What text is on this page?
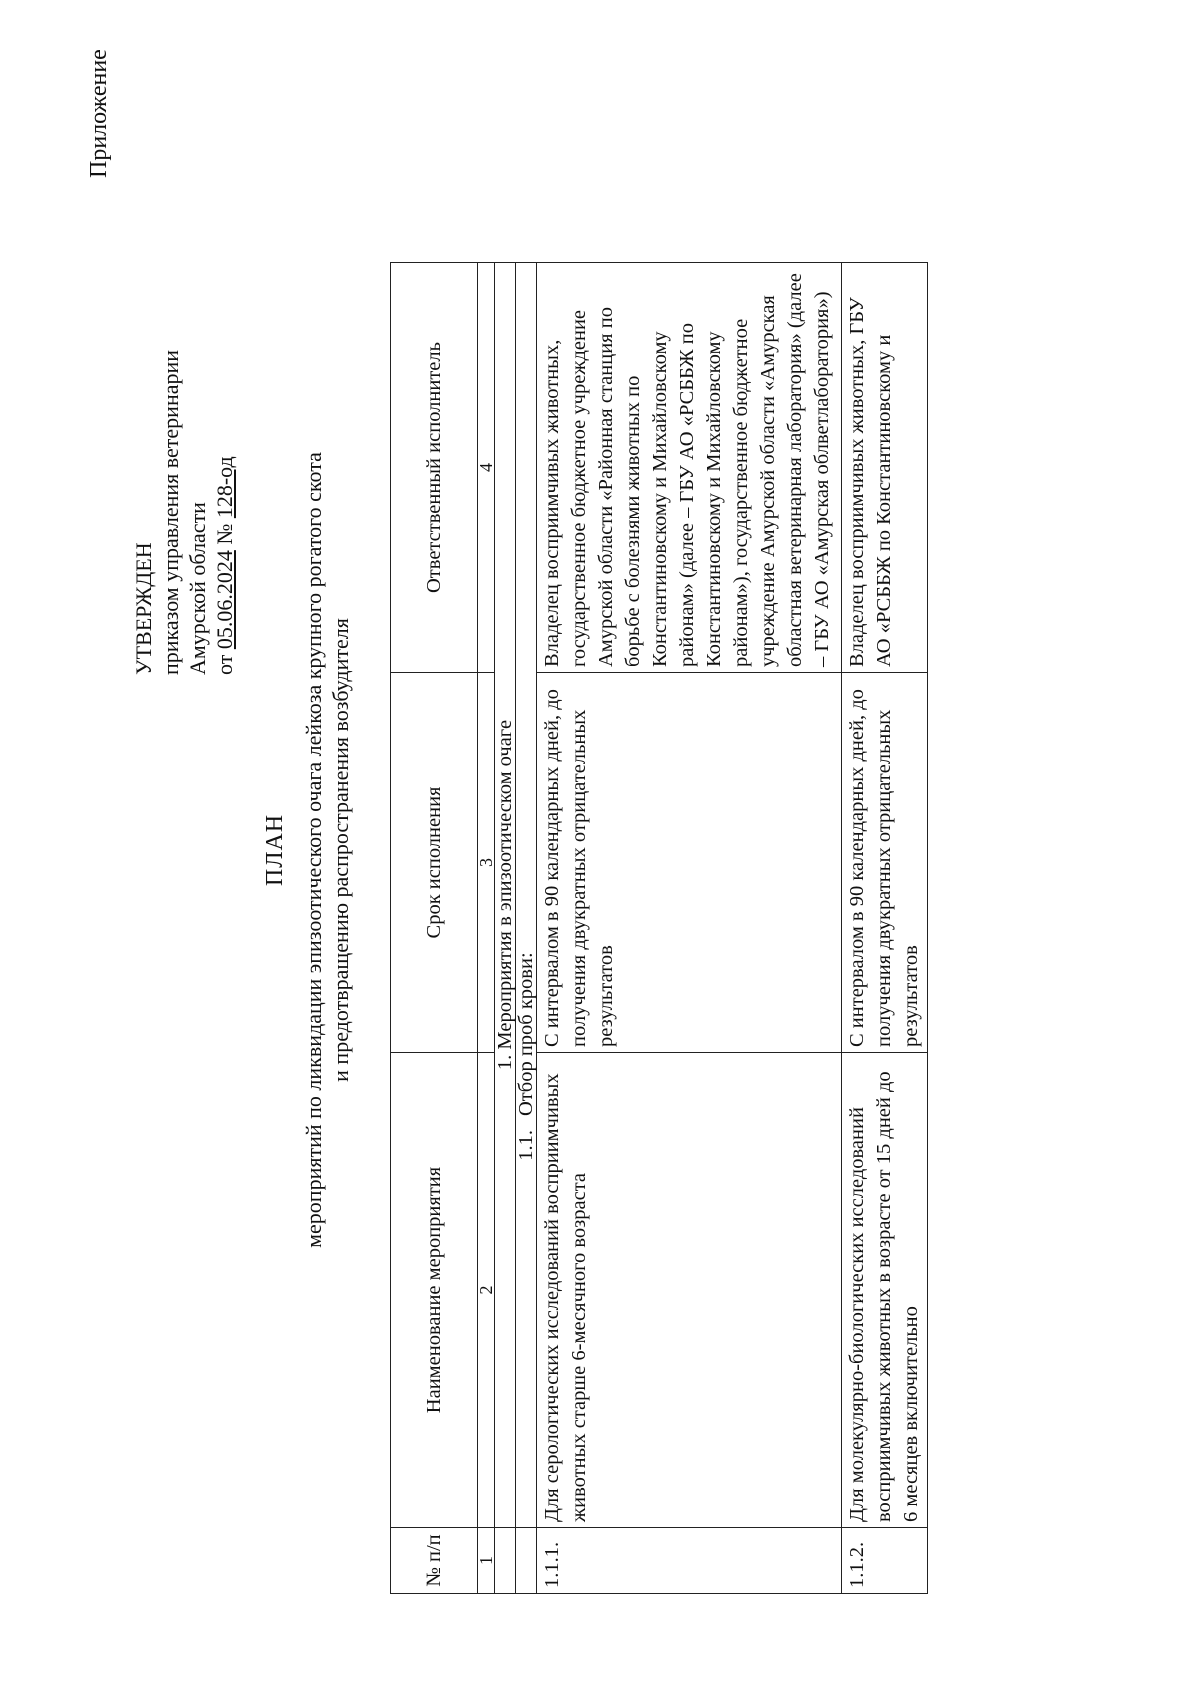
Приложение
УТВЕРЖДЕН приказом управления ветеринарии Амурской области от 05.06.2024 № 128-од
ПЛАН мероприятий по ликвидации эпизоотического очага лейкоза крупного рогатого скота и предотвращению распространения возбудителя
№ п/п	Наименование мероприятия	Срок исполнения	Ответственный исполнитель
1	2	3	4
	1. Мероприятия в эпизоотическом очаге		
	1.1.Отбор проб крови:		
1.1.1.	Для серологических исследований восприимчивых животных старше 6-месячного возраста	С интервалом в 90 календарных дней, до получения двукратных отрицательных результатов	Владелец восприимчивых животных, государственное бюджетное учреждение Амурской области «Районная станция по борьбе с болезнями животных по Константиновскому и Михайловскому районам» (далее – ГБУ АО «РСББЖ по Константиновскому и Михайловскому районам»), государственное бюджетное учреждение Амурской области «Амурская областная ветеринарная лаборатория» (далее – ГБУ АО «Амурская облветлаборатория»)
1.1.2.	Для молекулярно-биологических исследований восприимчивых животных в возрасте от 15 дней до 6 месяцев включительно	С интервалом в 90 календарных дней, до получения двукратных отрицательных результатов	Владелец восприимчивых животных, ГБУ АО «РСББЖ по Константиновскому и
